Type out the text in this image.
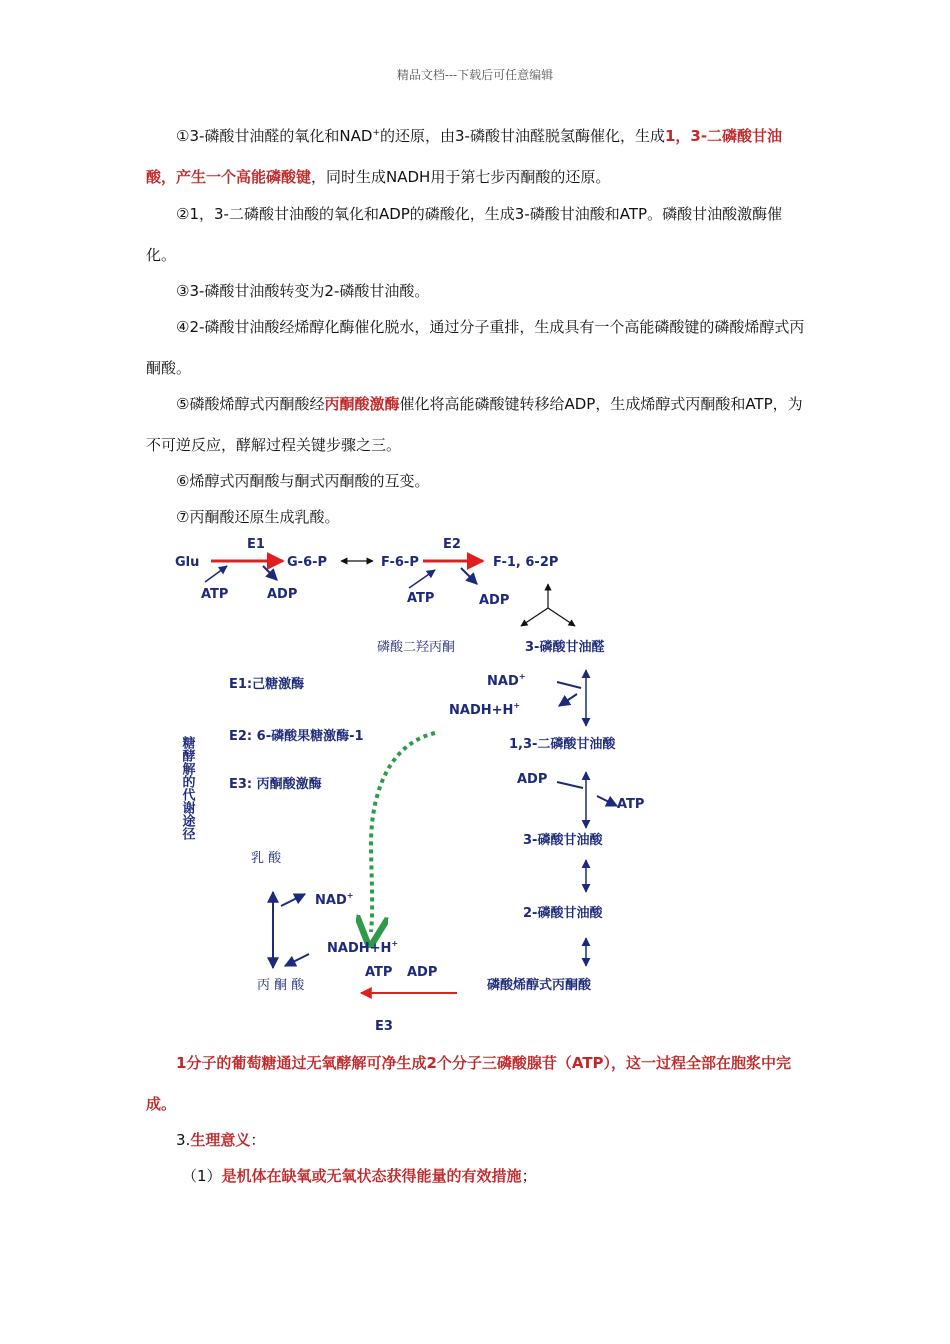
精品文档---下载后可任意编辑
①3-磷酸甘油醛的氧化和NAD+的还原，由3-磷酸甘油醛脱氢酶催化，生成1，3-二磷酸甘油酸，产生一个高能磷酸键，同时生成NADH用于第七步丙酮酸的还原。
②1，3-二磷酸甘油酸的氧化和ADP的磷酸化，生成3-磷酸甘油酸和ATP。磷酸甘油酸激酶催化。
③3-磷酸甘油酸转变为2-磷酸甘油酸。
④2-磷酸甘油酸经烯醇化酶催化脱水，通过分子重排，生成具有一个高能磷酸键的磷酸烯醇式丙酮酸。
⑤磷酸烯醇式丙酮酸经丙酮酸激酶催化将高能磷酸键转移给ADP，生成烯醇式丙酮酸和ATP，为不可逆反应，酵解过程关键步骤之三。
⑥烯醇式丙酮酸与酮式丙酮酸的互变。
⑦丙酮酸还原生成乳酸。
Glu
E1
G-6-P
ATP	ADP
F-6-P
E2
F-1, 6-2P
ATP	ADP
磷酸二羟丙酮	3-磷酸甘油醛
E1:己糖激酶
E2: 6-磷酸果糖激酶-1
E3: 丙酮酸激酶
NAD+
NADH+H+
1,3-二磷酸甘油酸
ADP
ATP
3-磷酸甘油酸
2-磷酸甘油酸
磷酸烯醇式丙酮酸
糖酵解的代谢途径
乳 酸
NAD+
NADH+H+
ATP ADP
丙 酮 酸
E3
1分子的葡萄糖通过无氧酵解可净生成2个分子三磷酸腺苷（ATP），这一过程全部在胞浆中完成。
3.生理意义：
（1）是机体在缺氧或无氧状态获得能量的有效措施；
